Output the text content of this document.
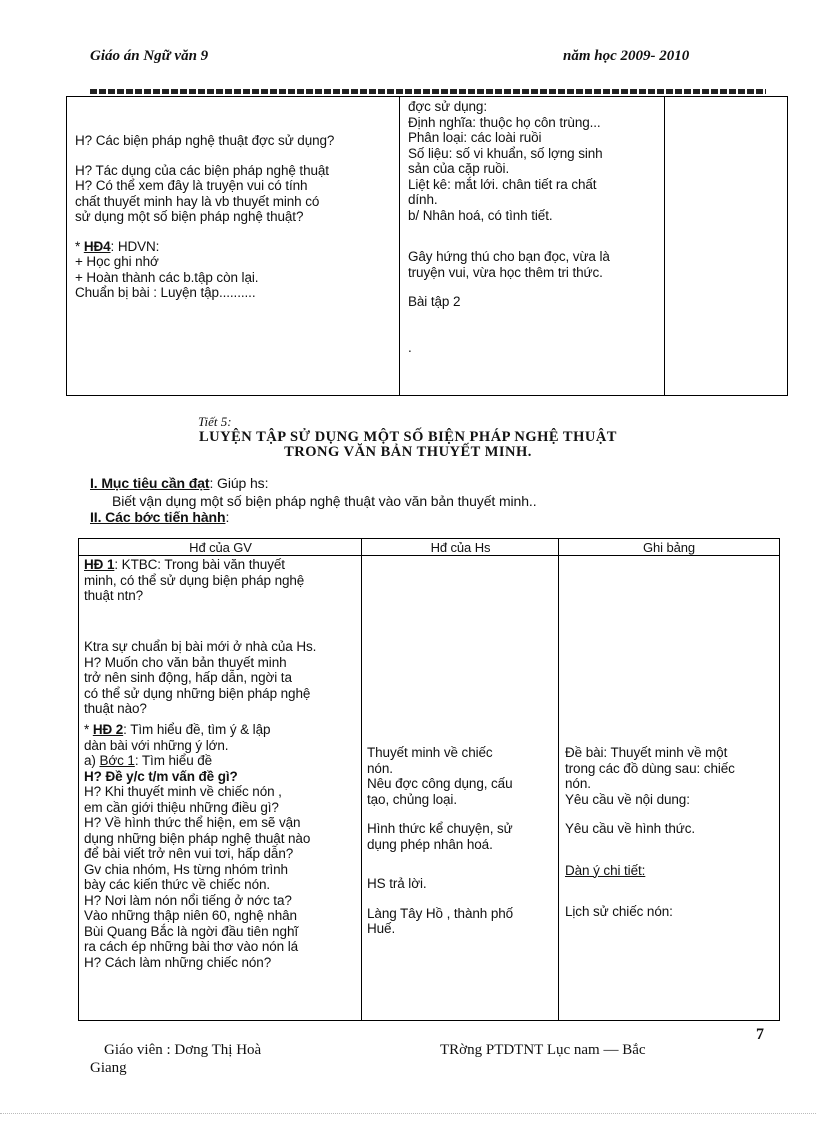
Giáo án Ngữ văn 9	năm học 2009- 2010
H? Các biện pháp nghệ thuật đợc sử dụng?
H? Tác dụng của các biện pháp nghệ thuật
H? Có thể xem đây là truyện vui có tính
chất thuyết minh hay là vb thuyết minh có
sử dụng một số biện pháp nghệ thuật?
* HĐ4: HDVN:
+ Học ghi nhớ
+ Hoàn thành các b.tập còn lại.
Chuẩn bị bài : Luyện tập..........
đợc sử dụng:
Định nghĩa: thuộc họ côn trùng...
Phân loại: các loài ruồi
Số liệu: số vi khuẩn, số lợng sinh
sản của cặp ruồi.
Liệt kê: mắt lới. chân tiết ra chất
dính.
b/ Nhân hoá, có tình tiết.
Gây hứng thú cho bạn đọc, vừa là
truyện vui, vừa học thêm tri thức.
Bài tập 2
.
Tiết 5:
LUYỆN TẬP SỬ DỤNG MỘT SỐ BIỆN PHÁP NGHỆ THUẬT
TRONG VĂN BẢN THUYẾT MINH.
I. Mục tiêu cần đạt: Giúp hs:
Biết vận dụng một số biện pháp nghệ thuật vào văn bản thuyết minh..
II. Các bớc tiến hành:
Hđ của GV
HĐ 1: KTBC: Trong bài văn thuyết
minh, có thể sử dụng biện pháp nghệ
thuật ntn?
Ktra sự chuẩn bị bài mới ở nhà của Hs.
H? Muốn cho văn bản thuyết minh
trở nên sinh động, hấp dẫn, ngời ta
có thể sử dụng những biện pháp nghệ
thuật nào?
* HĐ 2: Tìm hiểu đề, tìm ý & lập
dàn bài với những ý lớn.
a) Bớc 1: Tìm hiểu đề
H? Đề y/c t/m vấn đề gì?
H? Khi thuyết minh về chiếc nón ,
em cần giới thiệu những điều gì?
H? Về hình thức thể hiện, em sẽ vận
dụng những biện pháp nghệ thuật nào
để bài viết trở nên vui tơi, hấp dẫn?
Gv chia nhóm, Hs từng nhóm trình
bày các kiến thức về chiếc nón.
H? Nơi làm nón nổi tiếng ở nớc ta?
Vào những thập niên 60, nghệ nhân
Bùi Quang Bắc là ngời đầu tiên nghĩ
ra cách ép những bài thơ vào nón lá
H? Cách làm những chiếc nón?
Hđ của Hs
Thuyết minh về chiếc
nón.
Nêu đợc công dụng, cấu
tạo, chủng loại.
Hình thức kể chuyện, sử
dụng phép nhân hoá.
HS trả lời.
Làng Tây Hồ , thành phố
Huế.
Ghi bảng
Đề bài: Thuyết minh về một
trong các đồ dùng sau: chiếc
nón.
Yêu cầu về nội dung:
Yêu cầu về hình thức.
Dàn ý chi tiết:
Lịch sử chiếc nón:
7
Giáo viên : Dơng Thị Hoà	TRờng PTDTNT Lục nam — Bắc
Giang
